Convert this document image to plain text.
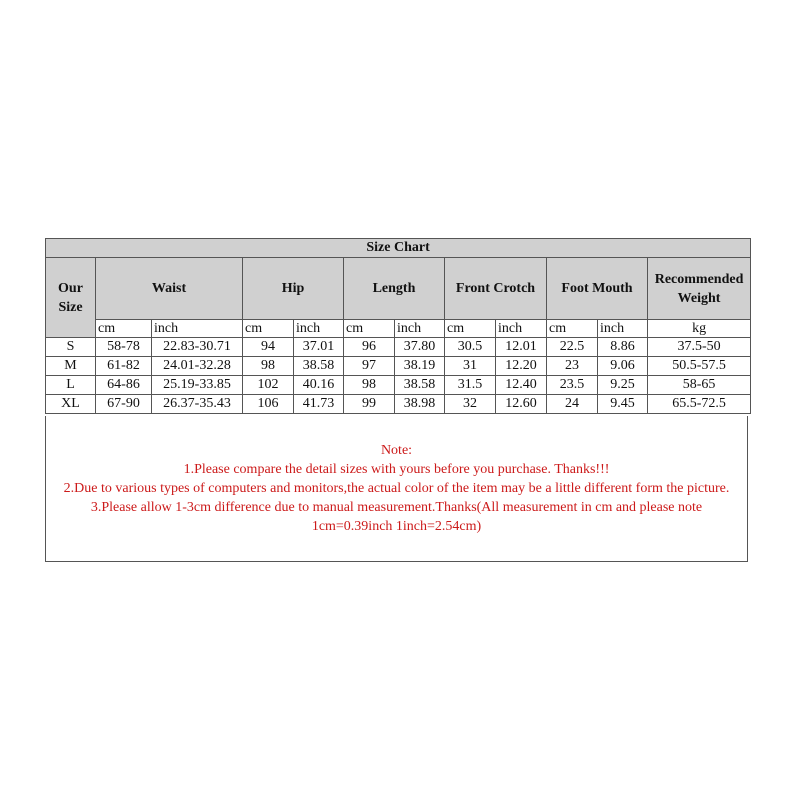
Size Chart											
Our
Size	Waist		Hip		Length		Front Crotch		Foot Mouth		Recommended
Weight
	cm	inch	cm	inch	cm	inch	cm	inch	cm	inch	kg
S	58-78	22.83-30.71	94	37.01	96	37.80	30.5	12.01	22.5	8.86	37.5-50
M	61-82	24.01-32.28	98	38.58	97	38.19	31	12.20	23	9.06	50.5-57.5
L	64-86	25.19-33.85	102	40.16	98	38.58	31.5	12.40	23.5	9.25	58-65
XL	67-90	26.37-35.43	106	41.73	99	38.98	32	12.60	24	9.45	65.5-72.5
Note:
1.Please compare the detail sizes with yours before you purchase. Thanks!!!
2.Due to various types of computers and monitors,the actual color of the item may be a little different form the picture.
3.Please allow 1-3cm difference due to manual measurement.Thanks(All measurement in cm and please note
1cm=0.39inch 1inch=2.54cm)
